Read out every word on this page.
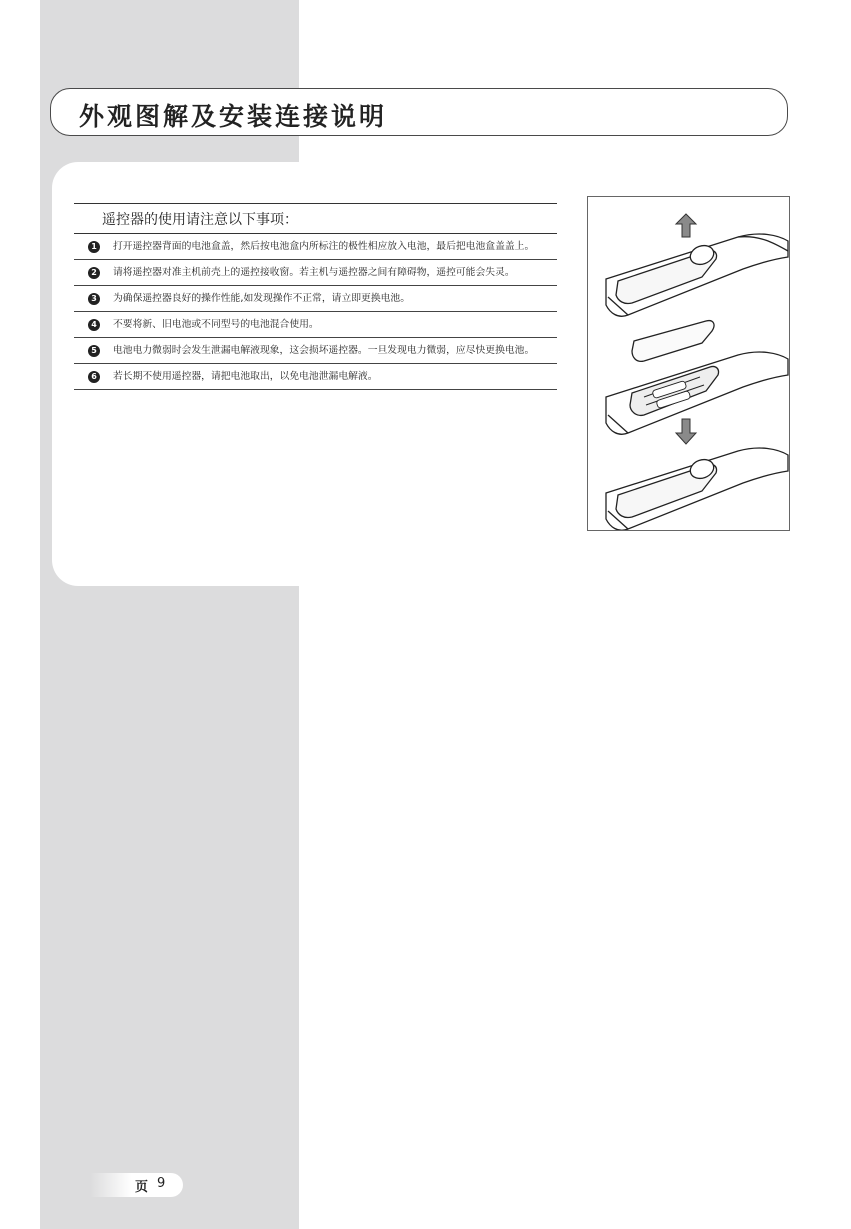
外观图解及安装连接说明
遥控器的使用请注意以下事项：
1	打开遥控器背面的电池盒盖，然后按电池盒内所标注的极性相应放入电池，最后把电池盒盖盖上。
2	请将遥控器对准主机前壳上的遥控接收窗。若主机与遥控器之间有障碍物，遥控可能会失灵。
3	为确保遥控器良好的操作性能,如发现操作不正常，请立即更换电池。
4	不要将新、旧电池或不同型号的电池混合使用。
5	电池电力微弱时会发生泄漏电解液现象，这会损坏遥控器。一旦发现电力微弱，应尽快更换电池。
6	若长期不使用遥控器，请把电池取出，以免电池泄漏电解液。
页 9
